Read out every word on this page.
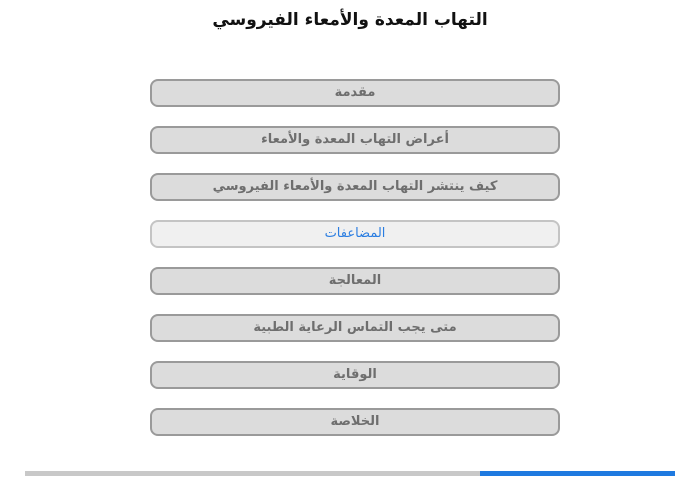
التهاب المعدة والأمعاء الفيروسي
مقدمة
أعراض التهاب المعدة والأمعاء
كيف ينتشر التهاب المعدة والأمعاء الفيروسي
المضاعفات
المعالجة
متى يجب التماس الرعاية الطبية
الوقاية
الخلاصة
